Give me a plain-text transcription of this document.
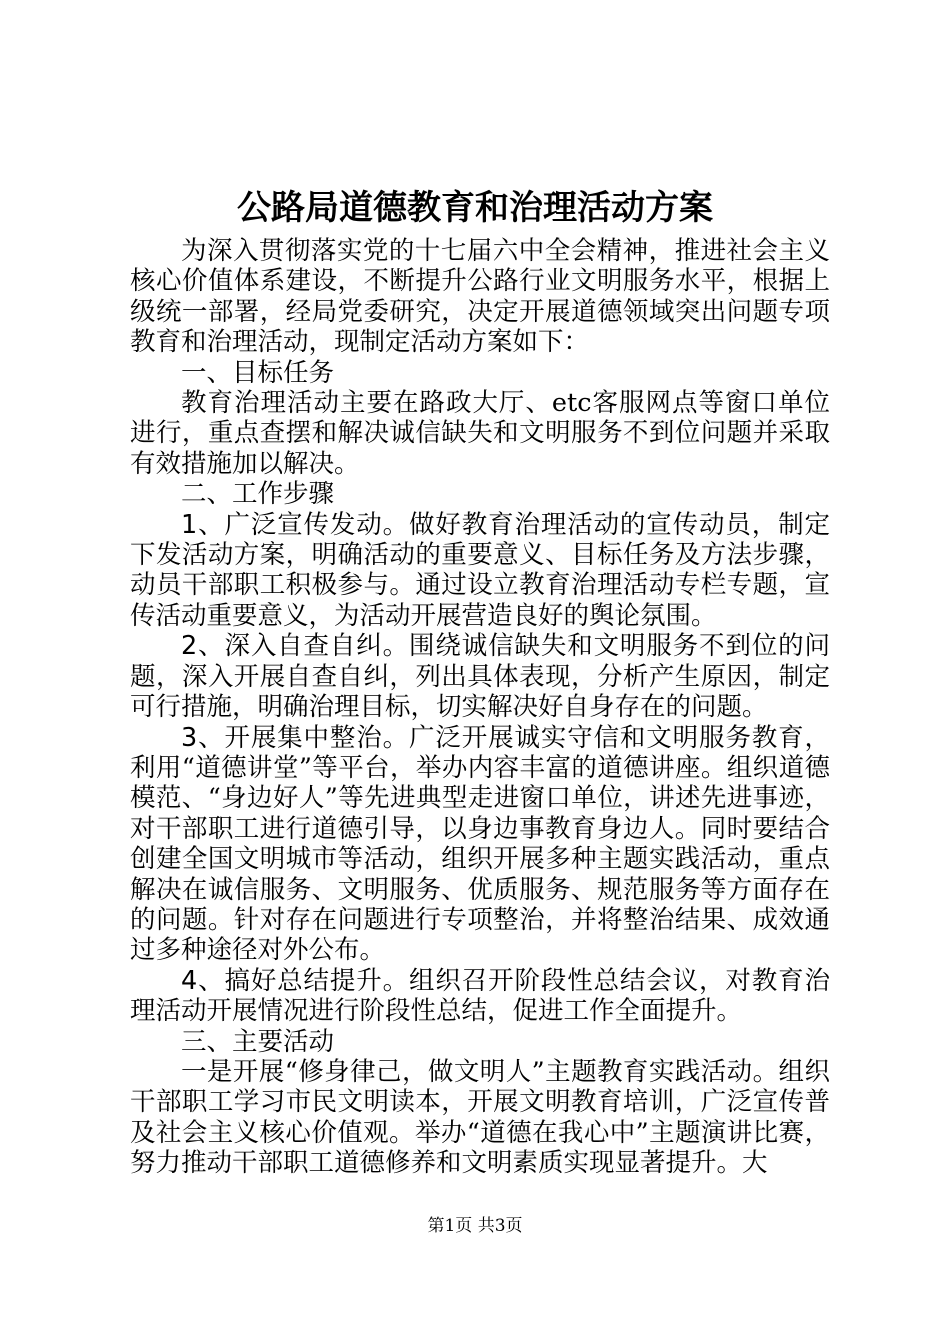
公路局道德教育和治理活动方案

为深入贯彻落实党的十七届六中全会精神，推进社会主义核心价值体系建设，不断提升公路行业文明服务水平，根据上级统一部署，经局党委研究，决定开展道德领域突出问题专项教育和治理活动，现制定活动方案如下：

一、目标任务

教育治理活动主要在路政大厅、etc客服网点等窗口单位进行，重点查摆和解决诚信缺失和文明服务不到位问题并采取有效措施加以解决。

二、工作步骤

1、广泛宣传发动。做好教育治理活动的宣传动员，制定下发活动方案，明确活动的重要意义、目标任务及方法步骤，动员干部职工积极参与。通过设立教育治理活动专栏专题，宣传活动重要意义，为活动开展营造良好的舆论氛围。

2、深入自查自纠。围绕诚信缺失和文明服务不到位的问题，深入开展自查自纠，列出具体表现，分析产生原因，制定可行措施，明确治理目标，切实解决好自身存在的问题。

3、开展集中整治。广泛开展诚实守信和文明服务教育，利用“道德讲堂”等平台，举办内容丰富的道德讲座。组织道德模范、“身边好人”等先进典型走进窗口单位，讲述先进事迹，对干部职工进行道德引导，以身边事教育身边人。同时要结合创建全国文明城市等活动，组织开展多种主题实践活动，重点解决在诚信服务、文明服务、优质服务、规范服务等方面存在的问题。针对存在问题进行专项整治，并将整治结果、成效通过多种途径对外公布。

4、搞好总结提升。组织召开阶段性总结会议，对教育治理活动开展情况进行阶段性总结，促进工作全面提升。

三、主要活动

一是开展“修身律己，做文明人”主题教育实践活动。组织干部职工学习市民文明读本，开展文明教育培训，广泛宣传普及社会主义核心价值观。举办“道德在我心中”主题演讲比赛，努力推动干部职工道德修养和文明素质实现显著提升。大

第1页 共3页
